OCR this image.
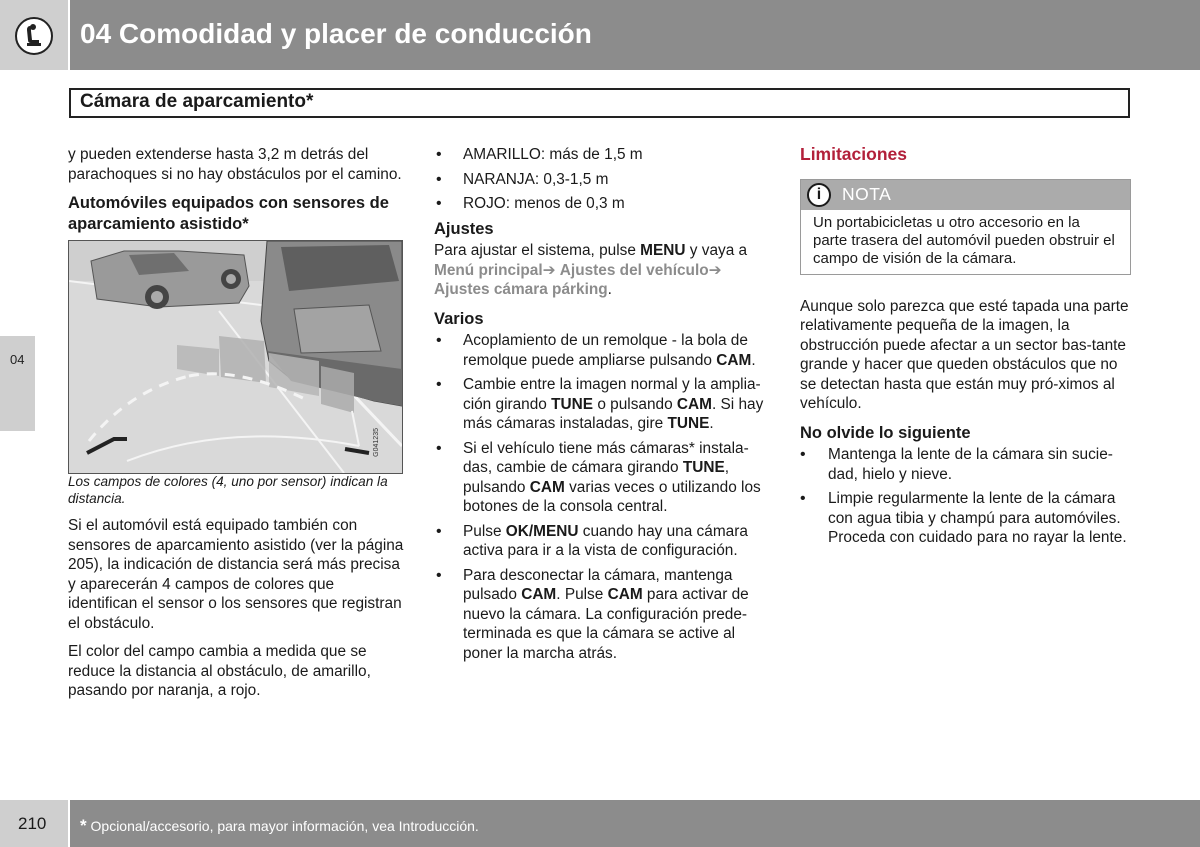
04 Comodidad y placer de conducción
Cámara de aparcamiento*
04

y pueden extenderse hasta 3,2 m detrás del parachoques si no hay obstáculos por el camino.

Automóviles equipados con sensores de aparcamiento asistido*
G041235

Los campos de colores (4, uno por sensor) indican la distancia.

Si el automóvil está equipado también con sensores de aparcamiento asistido (ver la página 205), la indicación de distancia será más precisa y aparecerán 4 campos de colores que identifican el sensor o los sensores que registran el obstáculo.

El color del campo cambia a medida que se reduce la distancia al obstáculo, de amarillo, pasando por naranja, a rojo.

• AMARILLO: más de 1,5 m
• NARANJA: 0,3-1,5 m
• ROJO: menos de 0,3 m
Ajustes

Para ajustar el sistema, pulse MENU y vaya a Menú principal➔ Ajustes del vehículo➔ Ajustes cámara párking.

Varios
• Acoplamiento de un remolque - la bola de remolque puede ampliarse pulsando CAM.
• Cambie entre la imagen normal y la amplia-ción girando TUNE o pulsando CAM. Si hay más cámaras instaladas, gire TUNE.
• Si el vehículo tiene más cámaras* instala-das, cambie de cámara girando TUNE, pulsando CAM varias veces o utilizando los botones de la consola central.
• Pulse OK/MENU cuando hay una cámara activa para ir a la vista de configuración.
• Para desconectar la cámara, mantenga pulsado CAM. Pulse CAM para activar de nuevo la cámara. La configuración prede-terminada es que la cámara se active al poner la marcha atrás.
Limitaciones
i	NOTA
Un portabicicletas u otro accesorio en la parte trasera del automóvil pueden obstruir el campo de visión de la cámara.

Aunque solo parezca que esté tapada una parte relativamente pequeña de la imagen, la obstrucción puede afectar a un sector bas-tante grande y hacer que queden obstáculos que no se detectan hasta que están muy pró-ximos al vehículo.

No olvide lo siguiente
• Mantenga la lente de la cámara sin sucie-dad, hielo y nieve.
• Limpie regularmente la lente de la cámara con agua tibia y champú para automóviles. Proceda con cuidado para no rayar la lente.
210 * Opcional/accesorio, para mayor información, vea Introducción.
